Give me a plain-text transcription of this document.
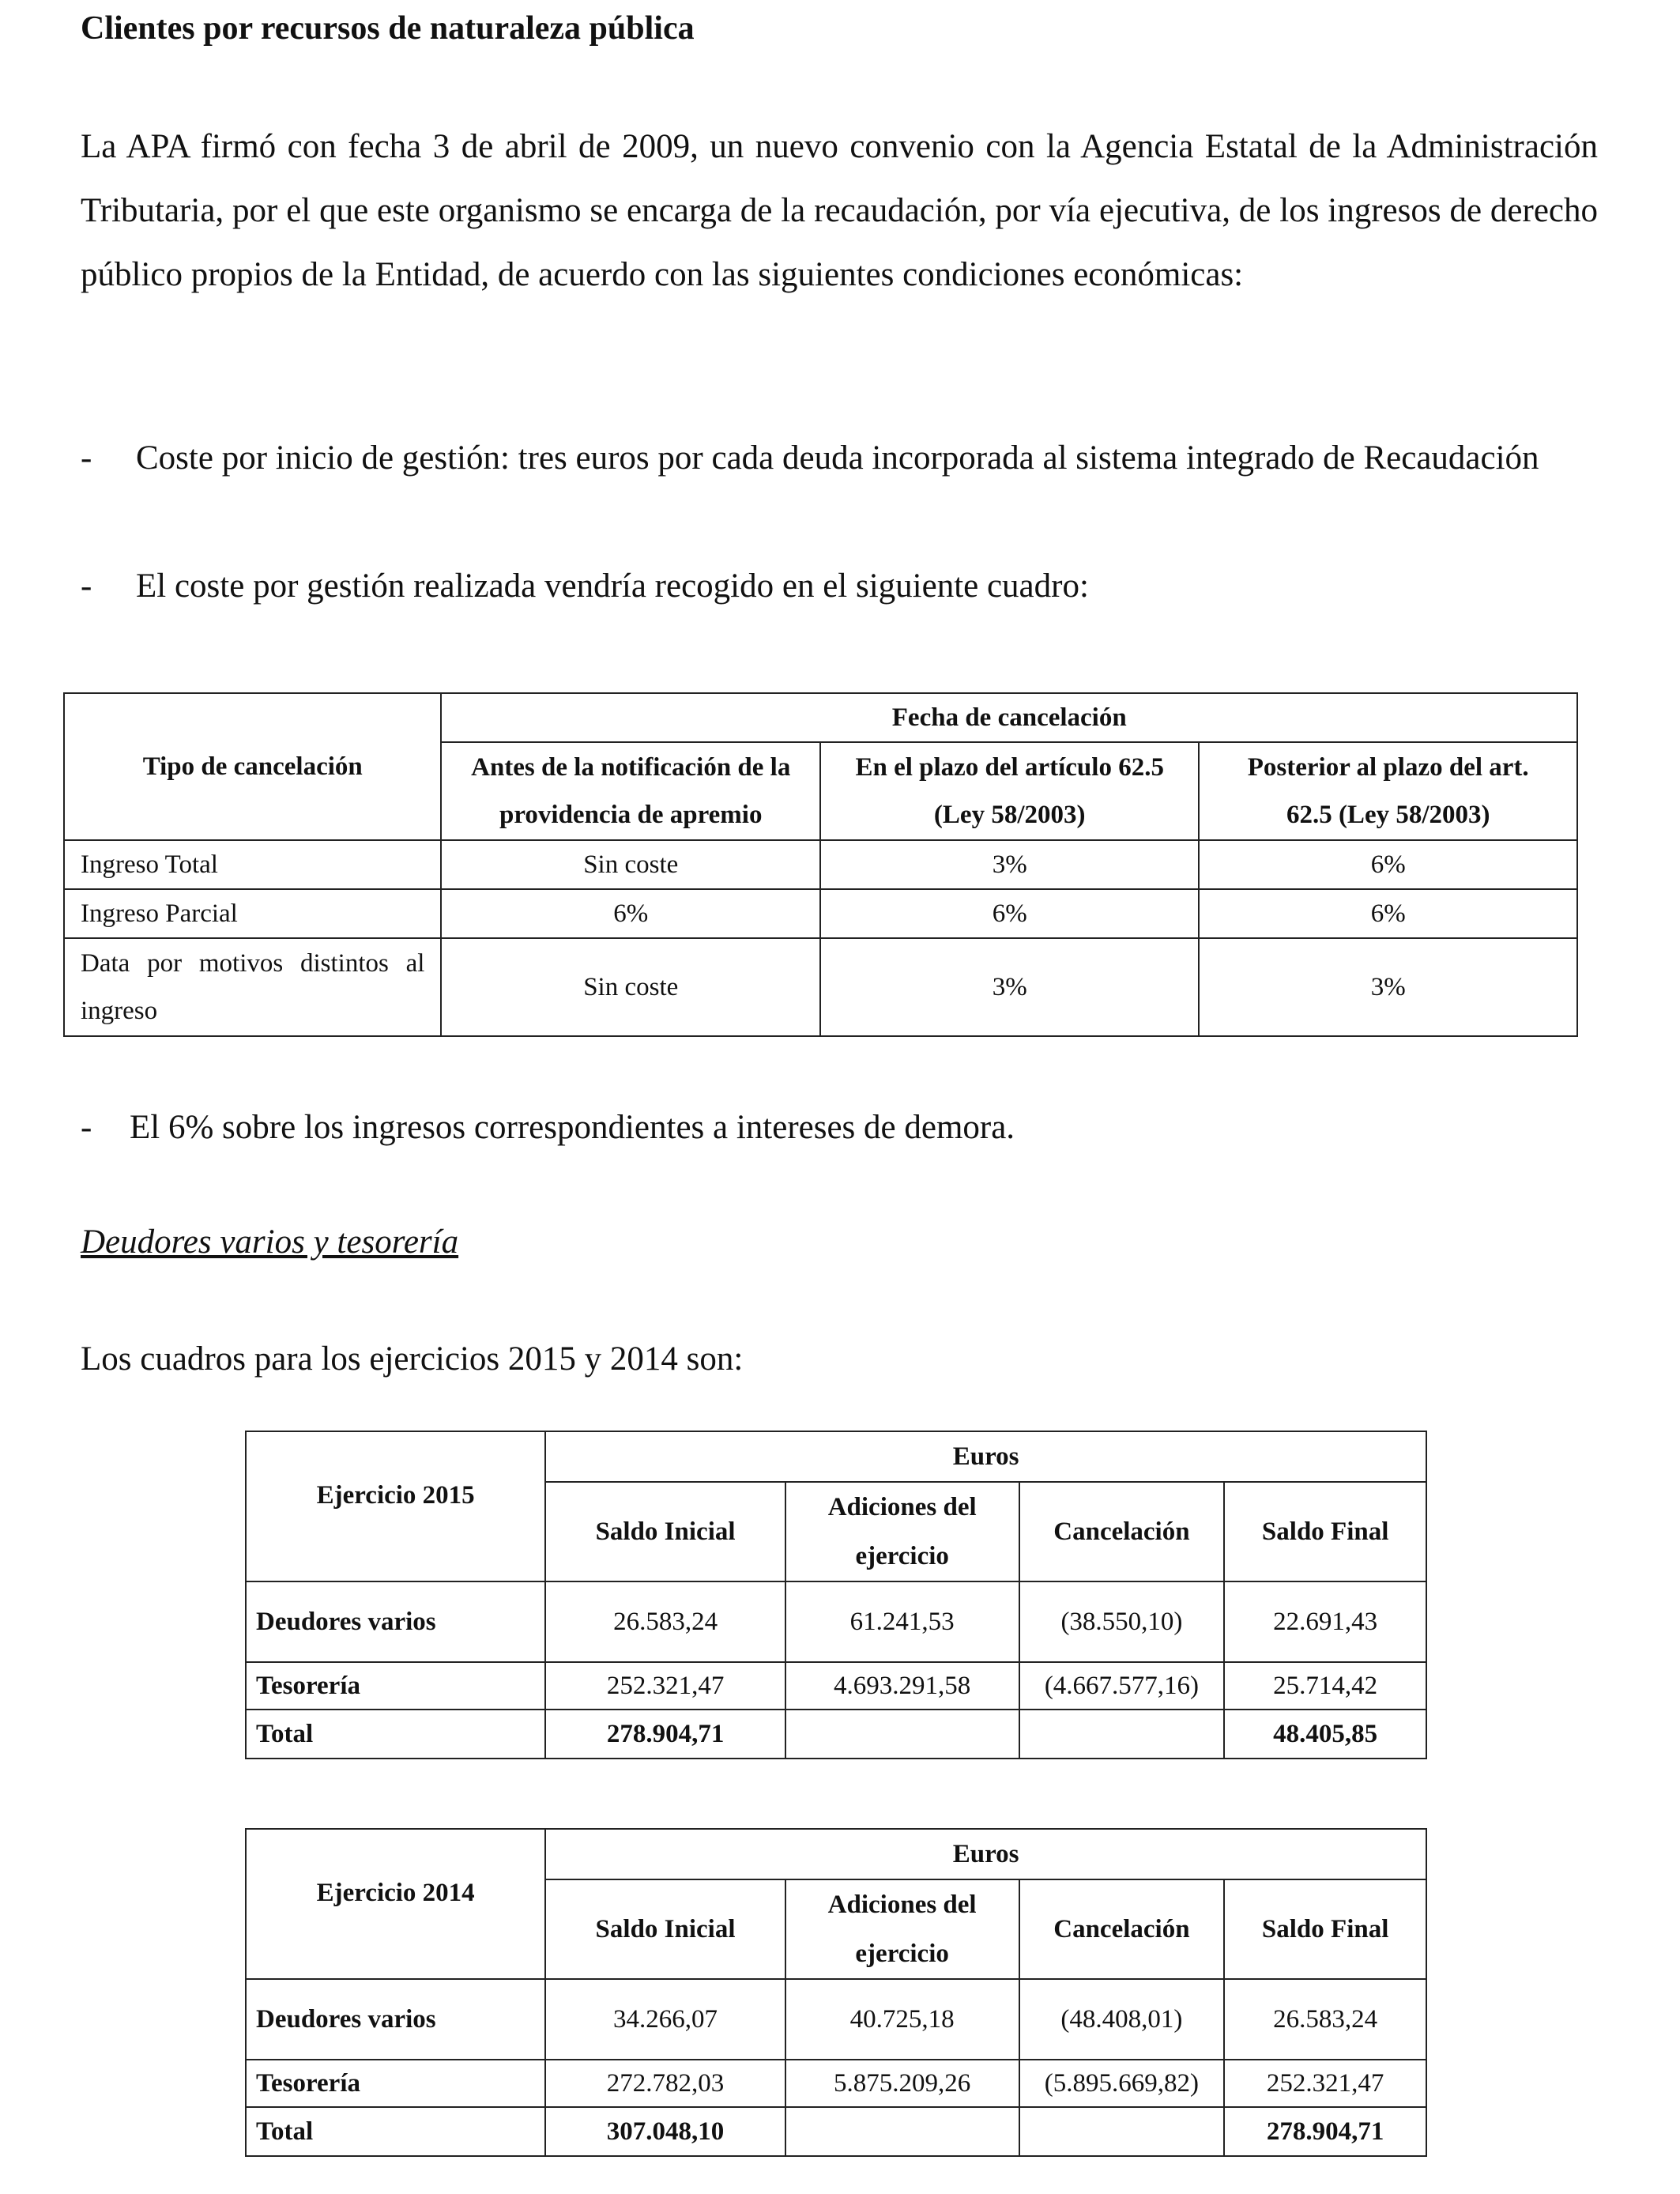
Clientes por recursos de naturaleza pública
La APA firmó con fecha 3 de abril de 2009, un nuevo convenio con la Agencia Estatal de la Administración Tributaria, por el que este organismo se encarga de la recaudación, por vía ejecutiva, de los ingresos de derecho público propios de la Entidad, de acuerdo con las siguientes condiciones económicas:
- Coste por inicio de gestión: tres euros por cada deuda incorporada al sistema integrado de Recaudación
- El coste por gestión realizada vendría recogido en el siguiente cuadro:
Tipo de cancelación	Fecha de cancelación		
	Antes de la notificación de la providencia de apremio	En el plazo del artículo 62.5 (Ley 58/2003)	Posterior al plazo del art. 62.5 (Ley 58/2003)
Ingreso Total	Sin coste	3%	6%
Ingreso Parcial	6%	6%	6%
Data por motivos distintos al ingreso	Sin coste	3%	3%
- El 6% sobre los ingresos correspondientes a intereses de demora.
Deudores varios y tesorería
Los cuadros para los ejercicios 2015 y 2014 son:
Ejercicio 2015	Euros			
	Saldo Inicial	Adiciones del ejercicio	Cancelación	Saldo Final
Deudores varios	26.583,24	61.241,53	(38.550,10)	22.691,43
Tesorería	252.321,47	4.693.291,58	(4.667.577,16)	25.714,42
Total	278.904,71			48.405,85
Ejercicio 2014	Euros			
	Saldo Inicial	Adiciones del ejercicio	Cancelación	Saldo Final
Deudores varios	34.266,07	40.725,18	(48.408,01)	26.583,24
Tesorería	272.782,03	5.875.209,26	(5.895.669,82)	252.321,47
Total	307.048,10			278.904,71
